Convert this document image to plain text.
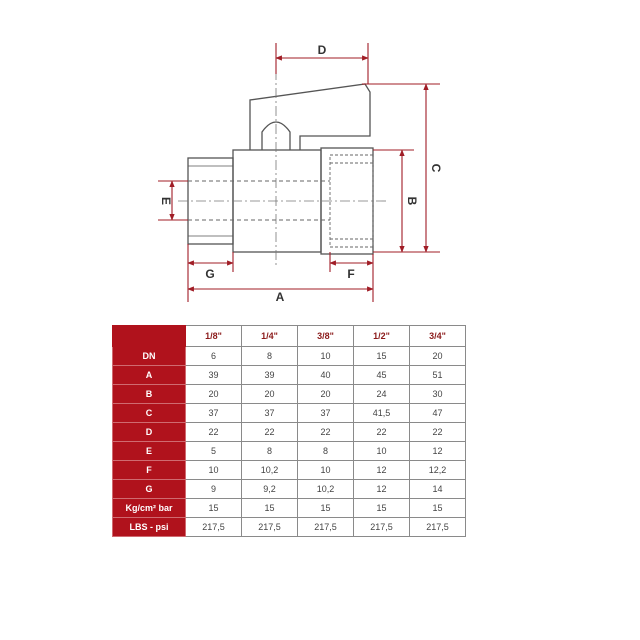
D
C
B
E
G	F
A
	1/8"	1/4"	3/8"	1/2"	3/4"
DN	6	8	10	15	20
A	39	39	40	45	51
B	20	20	20	24	30
C	37	37	37	41,5	47
D	22	22	22	22	22
E	5	8	8	10	12
F	10	10,2	10	12	12,2
G	9	9,2	10,2	12	14
Kg/cm² bar	15	15	15	15	15
LBS - psi	217,5	217,5	217,5	217,5	217,5
